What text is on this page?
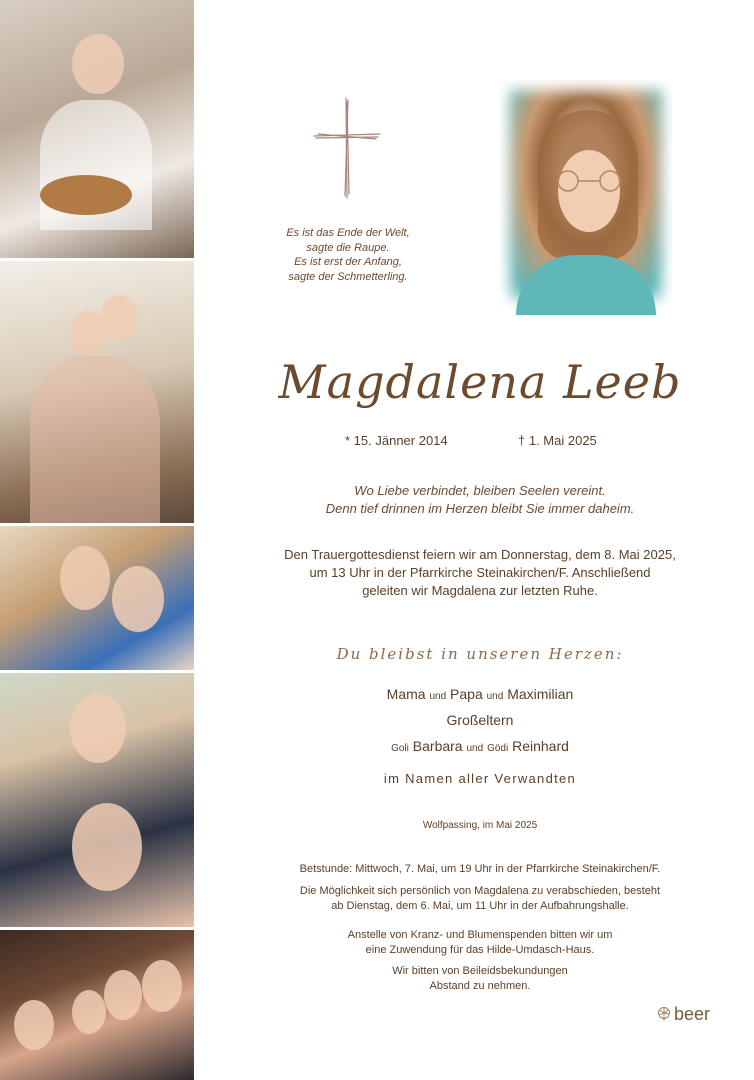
Es ist das Ende der Welt,
sagte die Raupe.
Es ist erst der Anfang,
sagte der Schmetterling.
Magdalena Leeb
* 15. Jänner 2014	† 1. Mai 2025
Wo Liebe verbindet, bleiben Seelen vereint.
Denn tief drinnen im Herzen bleibt Sie immer daheim.
Den Trauergottesdienst feiern wir am Donnerstag, dem 8. Mai 2025,
um 13 Uhr in der Pfarrkirche Steinakirchen/F. Anschließend
geleiten wir Magdalena zur letzten Ruhe.
Du bleibst in unseren Herzen:
Mama und Papa und Maximilian
Großeltern
Goli Barbara und Gödi Reinhard
im Namen aller Verwandten
Wolfpassing, im Mai 2025
Betstunde: Mittwoch, 7. Mai, um 19 Uhr in der Pfarrkirche Steinakirchen/F.
Die Möglichkeit sich persönlich von Magdalena zu verabschieden, besteht
ab Dienstag, dem 6. Mai, um 11 Uhr in der Aufbahrungshalle.
Anstelle von Kranz- und Blumenspenden bitten wir um
eine Zuwendung für das Hilde-Umdasch-Haus.
Wir bitten von Beileidsbekundungen
Abstand zu nehmen.
beer
